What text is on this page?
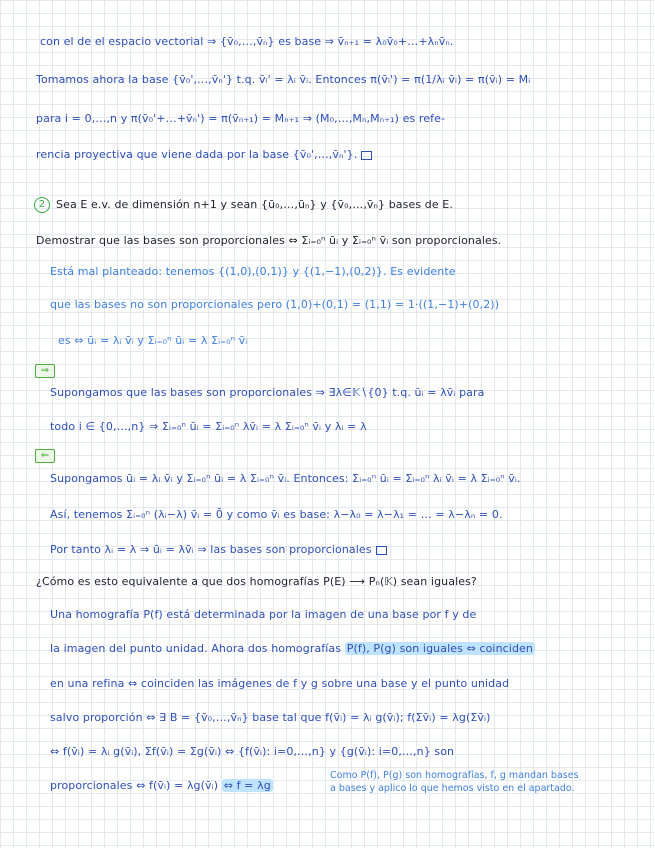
con el de el espacio vectorial ⇒ {v̄₀,…,v̄ₙ} es base ⇒ v̄ₙ₊₁ = λ₀v̄₀+…+λₙv̄ₙ.
Tomamos ahora la base {v̄₀',…,v̄ₙ'} t.q. v̄ᵢ' = λᵢ v̄ᵢ. Entonces π(v̄ᵢ') = π(1/λᵢ v̄ᵢ) = π(v̄ᵢ) = Mᵢ
para i = 0,…,n y π(v̄₀'+…+v̄ₙ') = π(v̄ₙ₊₁) = Mₙ₊₁ ⇒ (M₀,…,Mₙ,Mₙ₊₁) es refe-
rencia proyectiva que viene dada por la base {v̄₀',…,v̄ₙ'}.
2 Sea E e.v. de dimensión n+1 y sean {ū₀,…,ūₙ} y {v̄₀,…,v̄ₙ} bases de E.
Demostrar que las bases son proporcionales ⇔ Σᵢ₌₀ⁿ ūᵢ y Σᵢ₌₀ⁿ v̄ᵢ son proporcionales.
Está mal planteado: tenemos {(1,0),(0,1)} y {(1,−1),(0,2)}. Es evidente
que las bases no son proporcionales pero (1,0)+(0,1) = (1,1) = 1·((1,−1)+(0,2))
es ⇔ ūᵢ = λᵢ v̄ᵢ y Σᵢ₌₀ⁿ ūᵢ = λ Σᵢ₌₀ⁿ v̄ᵢ
⇒
Supongamos que las bases son proporcionales ⇒ ∃λ∈𝕂∖{0} t.q. ūᵢ = λv̄ᵢ para
todo i ∈ {0,…,n} ⇒ Σᵢ₌₀ⁿ ūᵢ = Σᵢ₌₀ⁿ λv̄ᵢ = λ Σᵢ₌₀ⁿ v̄ᵢ y λᵢ = λ
⇐
Supongamos ūᵢ = λᵢ v̄ᵢ y Σᵢ₌₀ⁿ ūᵢ = λ Σᵢ₌₀ⁿ v̄ᵢ. Entonces: Σᵢ₌₀ⁿ ūᵢ = Σᵢ₌₀ⁿ λᵢ v̄ᵢ = λ Σᵢ₌₀ⁿ v̄ᵢ.
Así, tenemos Σᵢ₌₀ⁿ (λᵢ−λ) v̄ᵢ = 0̄ y como v̄ᵢ es base: λ−λ₀ = λ−λ₁ = … = λ−λₙ = 0.
Por tanto λᵢ = λ ⇒ ūᵢ = λv̄ᵢ ⇒ las bases son proporcionales
¿Cómo es esto equivalente a que dos homografías P(E) ⟶ Pₙ(𝕂) sean iguales?
Una homografía P(f) está determinada por la imagen de una base por f y de
la imagen del punto unidad. Ahora dos homografías P(f), P(g) son iguales ⇔ coinciden
en una refina ⇔ coinciden las imágenes de f y g sobre una base y el punto unidad
salvo proporción ⇔ ∃ B = {v̄₀,…,v̄ₙ} base tal que f(v̄ᵢ) = λᵢ g(v̄ᵢ); f(Σv̄ᵢ) = λg(Σv̄ᵢ)
⇔ f(v̄ᵢ) = λᵢ g(v̄ᵢ), Σf(v̄ᵢ) = Σg(v̄ᵢ) ⇔ {f(v̄ᵢ): i=0,…,n} y {g(v̄ᵢ): i=0,…,n} son
proporcionales ⇔ f(v̄ᵢ) = λg(v̄ᵢ) ⇔ f = λg
Como P(f), P(g) son homografías, f, g mandan bases
a bases y aplico lo que hemos visto en el apartado.
